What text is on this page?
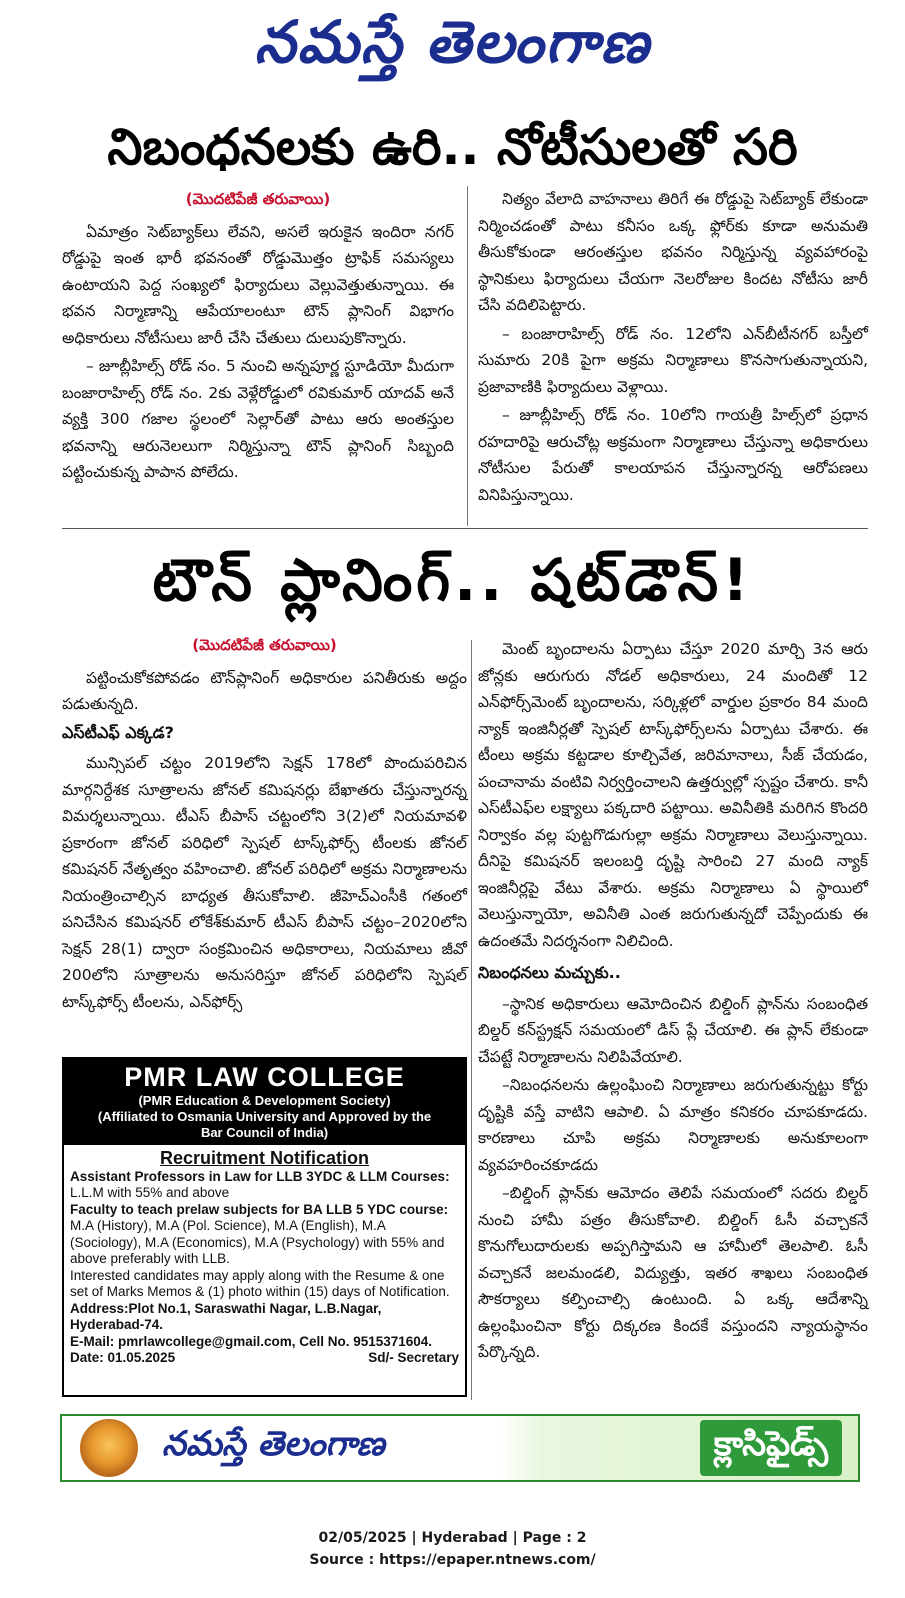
నమస్తే తెలంగాణ
నిబంధనలకు ఉరి.. నోటీసులతో సరి
(మొదటిపేజీ తరువాయి)

ఏమాత్రం సెట్‌బ్యాక్‌లు లేవని, అసలే ఇరుకైన ఇందిరా నగర్ రోడ్డుపై ఇంత భారీ భవనంతో రోడ్డుమొత్తం ట్రాఫిక్ సమస్యలు ఉంటాయని పెద్ద సంఖ్యలో ఫిర్యాదులు వెల్లువెత్తుతున్నాయి. ఈ భవన నిర్మాణాన్ని ఆపేయాలంటూ టౌన్ ప్లానింగ్ విభాగం అధికారులు నోటీసులు జారీ చేసి చేతులు దులుపుకొన్నారు.

– జూబ్లీహిల్స్ రోడ్ నం. 5 నుంచి అన్నపూర్ణ స్టూడియో మీదుగా బంజారాహిల్స్ రోడ్ నం. 2కు వెళ్లేరోడ్డులో రవికుమార్ యాదవ్ అనే వ్యక్తి 300 గజాల స్థలంలో సెల్లార్‌తో పాటు ఆరు అంతస్తుల భవనాన్ని ఆరునెలలుగా నిర్మిస్తున్నా టౌన్ ప్లానింగ్ సిబ్బంది పట్టించుకున్న పాపాన పోలేదు.

నిత్యం వేలాది వాహనాలు తిరిగే ఈ రోడ్డుపై సెట్‌బ్యాక్ లేకుండా నిర్మించడంతో పాటు కనీసం ఒక్క ఫ్లోర్‌కు కూడా అనుమతి తీసుకోకుండా ఆరంతస్తుల భవనం నిర్మిస్తున్న వ్యవహారంపై స్థానికులు ఫిర్యాదులు చేయగా నెలరోజుల కిందట నోటీసు జారీ చేసి వదిలిపెట్టారు.

– బంజారాహిల్స్ రోడ్ నం. 12లోని ఎన్‌బీటీనగర్ బస్తీలో సుమారు 20కి పైగా అక్రమ నిర్మాణాలు కొనసాగుతున్నాయని, ప్రజావాణికి ఫిర్యాదులు వెళ్లాయి.

– జూబ్లీహిల్స్ రోడ్ నం. 10లోని గాయత్రీ హిల్స్‌లో ప్రధాన రహదారిపై ఆరుచోట్ల అక్రమంగా నిర్మాణాలు చేస్తున్నా అధికారులు నోటీసుల పేరుతో కాలయాపన చేస్తున్నారన్న ఆరోపణలు వినిపిస్తున్నాయి.

టౌన్ ప్లానింగ్.. షట్‌డౌన్!
(మొదటిపేజీ తరువాయి)

పట్టించుకోకపోవడం టౌన్‌ప్లానింగ్ అధికారుల పనితీరుకు అద్దం పడుతున్నది.

ఎస్‌టీఎఫ్ ఎక్కడ?

మున్సిపల్ చట్టం 2019లోని సెక్షన్ 178లో పొందుపరిచిన మార్గనిర్దేశక సూత్రాలను జోనల్ కమిషనర్లు బేఖాతరు చేస్తున్నారన్న విమర్శలున్నాయి. టీఎస్ బీపాస్ చట్టంలోని 3(2)లో నియమావళి ప్రకారంగా జోనల్ పరిధిలో స్పెషల్ టాస్క్‌ఫోర్స్ టీంలకు జోనల్ కమిషనర్ నేతృత్వం వహించాలి. జోనల్ పరిధిలో అక్రమ నిర్మాణాలను నియంత్రించాల్సిన బాధ్యత తీసుకోవాలి. జీహెచ్‌ఎంసీకి గతంలో పనిచేసిన కమిషనర్ లోకేశ్‌కుమార్ టీఎస్ బీపాస్ చట్టం–2020లోని సెక్షన్ 28(1) ద్వారా సంక్రమించిన అధికారాలు, నియమాలు జీవో 200లోని సూత్రాలను అనుసరిస్తూ జోనల్ పరిధిలోని స్పెషల్ టాస్క్‌ఫోర్స్ టీంలను, ఎన్‌ఫోర్స్

మెంట్ బృందాలను ఏర్పాటు చేస్తూ 2020 మార్చి 3న ఆరు జోన్లకు ఆరుగురు నోడల్ అధికారులు, 24 మందితో 12 ఎన్‌ఫోర్స్‌మెంట్ బృందాలను, సర్కిళ్లలో వార్డుల ప్రకారం 84 మంది న్యాక్ ఇంజినీర్లతో స్పెషల్ టాస్క్‌ఫోర్స్‌లను ఏర్పాటు చేశారు. ఈ టీంలు అక్రమ కట్టడాల కూల్చివేత, జరిమానాలు, సీజ్ చేయడం, పంచానామ వంటివి నిర్వర్తించాలని ఉత్తర్వుల్లో స్పష్టం చేశారు. కానీ ఎస్‌టీఎఫ్‌ల లక్ష్యాలు పక్కదారి పట్టాయి. అవినీతికి మరిగిన కొందరి నిర్వాకం వల్ల పుట్టగొడుగుల్లా అక్రమ నిర్మాణాలు వెలుస్తున్నాయి. దీనిపై కమిషనర్ ఇలంబర్తి దృష్టి సారించి 27 మంది న్యాక్ ఇంజినీర్లపై వేటు వేశారు. అక్రమ నిర్మాణాలు ఏ స్థాయిలో వెలుస్తున్నాయో, అవినీతి ఎంత జరుగుతున్నదో చెప్పేందుకు ఈ ఉదంతమే నిదర్శనంగా నిలిచింది.

నిబంధనలు మచ్చుకు..

–స్థానిక అధికారులు ఆమోదించిన బిల్డింగ్ ప్లాన్‌ను సంబంధిత బిల్డర్ కన్‌స్ట్రక్షన్ సమయంలో డిస్ ప్లే చేయాలి. ఈ ప్లాన్ లేకుండా చేపట్టే నిర్మాణాలను నిలిపివేయాలి.

–నిబంధనలను ఉల్లంఘించి నిర్మాణాలు జరుగుతున్నట్టు కోర్టు దృష్టికి వస్తే వాటిని ఆపాలి. ఏ మాత్రం కనికరం చూపకూడదు. కారణాలు చూపి అక్రమ నిర్మాణాలకు అనుకూలంగా వ్యవహరించకూడదు

–బిల్డింగ్ ప్లాన్‌కు ఆమోదం తెలిపే సమయంలో సదరు బిల్డర్ నుంచి హామీ పత్రం తీసుకోవాలి. బిల్డింగ్ ఓసీ వచ్చాకనే కొనుగోలుదారులకు అప్పగిస్తామని ఆ హామీలో తెలపాలి. ఓసీ వచ్చాకనే జలమండలి, విద్యుత్తు, ఇతర శాఖలు సంబంధిత సౌకర్యాలు కల్పించాల్సి ఉంటుంది. ఏ ఒక్క ఆదేశాన్ని ఉల్లంఘించినా కోర్టు దిక్కరణ కిందకే వస్తుందని న్యాయస్థానం పేర్కొన్నది.

PMR LAW COLLEGE
(PMR Education & Development Society)
(Affiliated to Osmania University and Approved by the
Bar Council of India)
Recruitment Notification
Assistant Professors in Law for LLB 3YDC & LLM Courses:
L.L.M with 55% and above
Faculty to teach prelaw subjects for BA LLB 5 YDC course:
M.A (History), M.A (Pol. Science), M.A (English), M.A (Sociology), M.A (Economics), M.A (Psychology) with 55% and above preferably with LLB.
Interested candidates may apply along with the Resume & one set of Marks Memos & (1) photo within (15) days of Notification.
Address:Plot No.1, Saraswathi Nagar, L.B.Nagar, Hyderabad-74.
E-Mail: pmrlawcollege@gmail.com, Cell No. 9515371604.
Date: 01.05.2025	Sd/- Secretary
నమస్తే తెలంగాణ	క్లాసిఫైడ్స్
02/05/2025 | Hyderabad | Page : 2
Source : https://epaper.ntnews.com/
